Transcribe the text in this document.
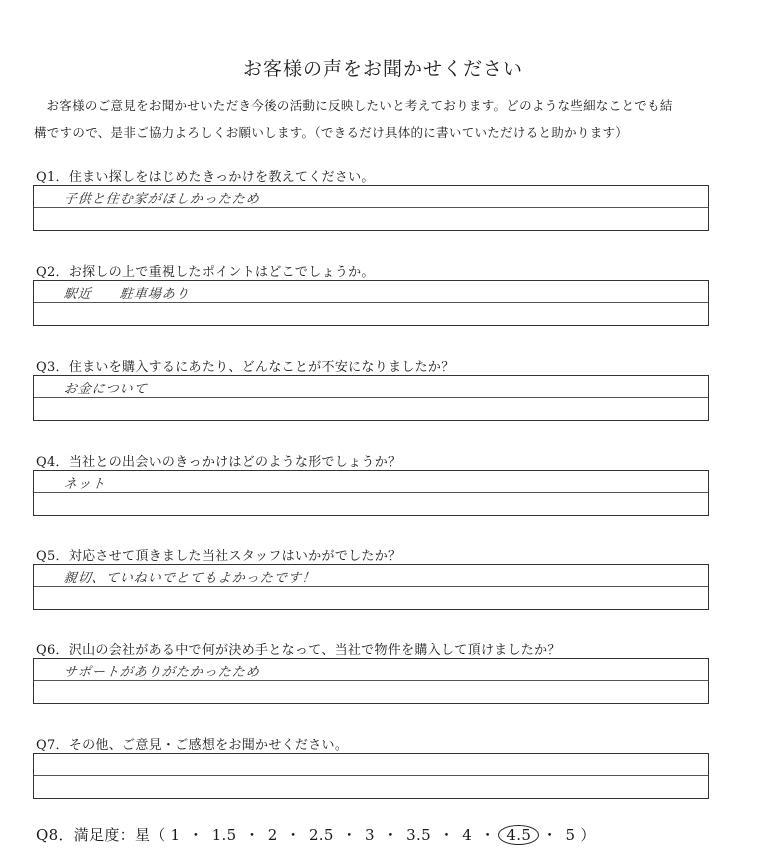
お客様の声をお聞かせください

お客様のご意見をお聞かせいただき今後の活動に反映したいと考えております。どのような些細なことでも結

構ですので、是非ご協力よろしくお願いします。（できるだけ具体的に書いていただけると助かります）

Q1．住まい探しをはじめたきっかけを教えてください。
子供と住む家がほしかったため
Q2．お探しの上で重視したポイントはどこでしょうか。
駅近　　駐車場あり
Q3．住まいを購入するにあたり、どんなことが不安になりましたか？
お金について
Q4．当社との出会いのきっかけはどのような形でしょうか？
ネット
Q5．対応させて頂きました当社スタッフはいかがでしたか？
親切、ていねいでとてもよかったです！
Q6．沢山の会社がある中で何が決め手となって、当社で物件を購入して頂けましたか？
サポートがありがたかったため
Q7．その他、ご意見・ご感想をお聞かせください。
Q8．満足度：星（ 1 ・ 1.5 ・ 2 ・ 2.5 ・ 3 ・ 3.5 ・ 4 ・ 4.5 ・ 5 ）
